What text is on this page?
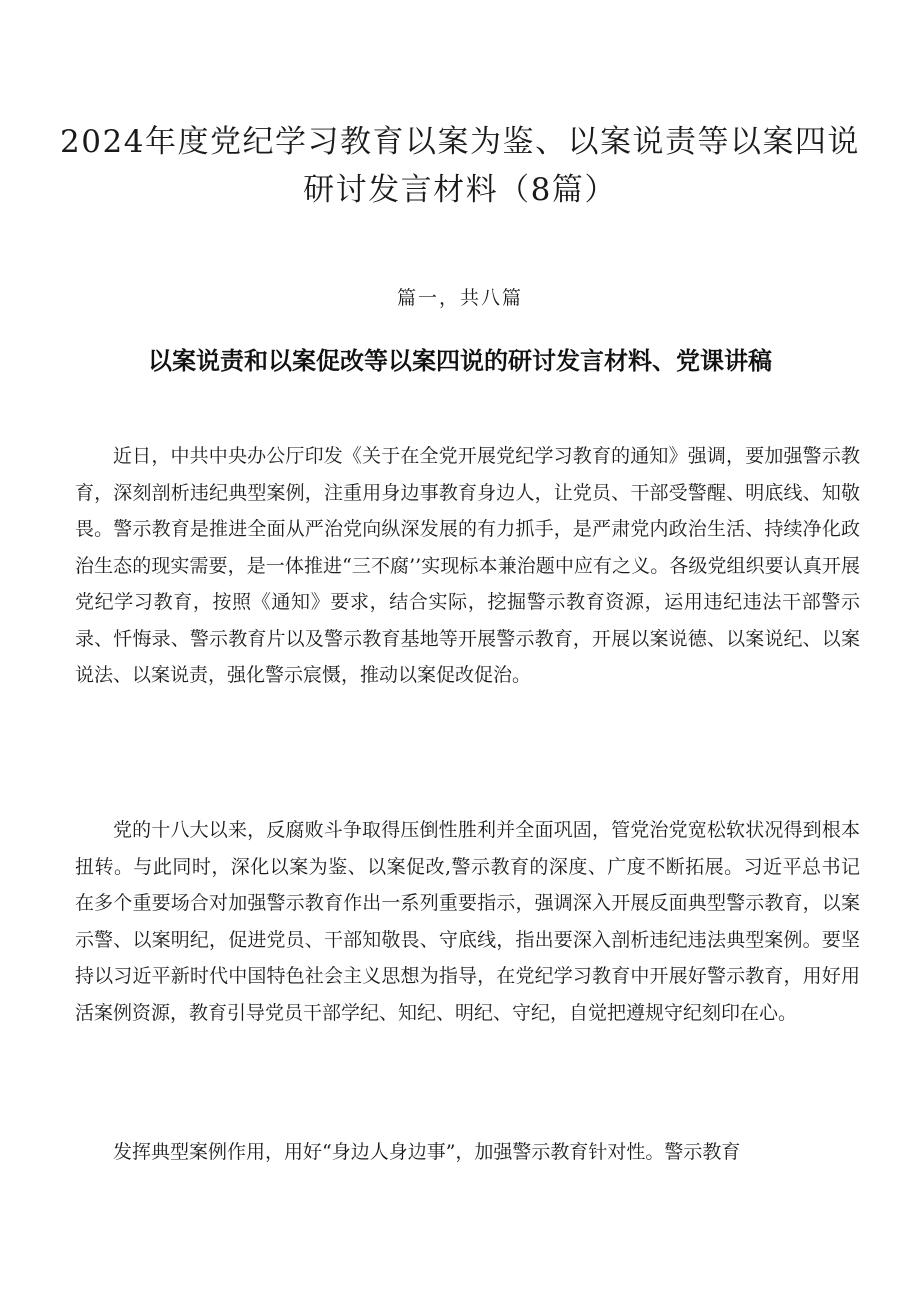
2024年度党纪学习教育以案为鉴、以案说责等以案四说研讨发言材料（8篇）
篇一，共八篇
以案说责和以案促改等以案四说的研讨发言材料、党课讲稿

近日，中共中央办公厅印发《关于在全党开展党纪学习教育的通知》强调，要加强警示教育，深刻剖析违纪典型案例，注重用身边事教育身边人，让党员、干部受警醒、明底线、知敬畏。警示教育是推进全面从严治党向纵深发展的有力抓手，是严肃党内政治生活、持续净化政治生态的现实需要，是一体推进“三不腐’’实现标本兼治题中应有之义。各级党组织要认真开展党纪学习教育，按照《通知》要求，结合实际，挖掘警示教育资源，运用违纪违法干部警示录、忏悔录、警示教育片以及警示教育基地等开展警示教育，开展以案说德、以案说纪、以案说法、以案说责，强化警示宸慑，推动以案促改促治。

党的十八大以来，反腐败斗争取得压倒性胜利并全面巩固，管党治党宽松软状况得到根本扭转。与此同时，深化以案为鉴、以案促改,警示教育的深度、广度不断拓展。习近平总书记在多个重要场合对加强警示教育作出一系列重要指示，强调深入开展反面典型警示教育，以案示警、以案明纪，促进党员、干部知敬畏、守底线，指出要深入剖析违纪违法典型案例。要坚持以习近平新时代中国特色社会主义思想为指导，在党纪学习教育中开展好警示教育，用好用活案例资源，教育引导党员干部学纪、知纪、明纪、守纪，自觉把遵规守纪刻印在心。

发挥典型案例作用，用好“身边人身边事”，加强警示教育针对性。警示教育
